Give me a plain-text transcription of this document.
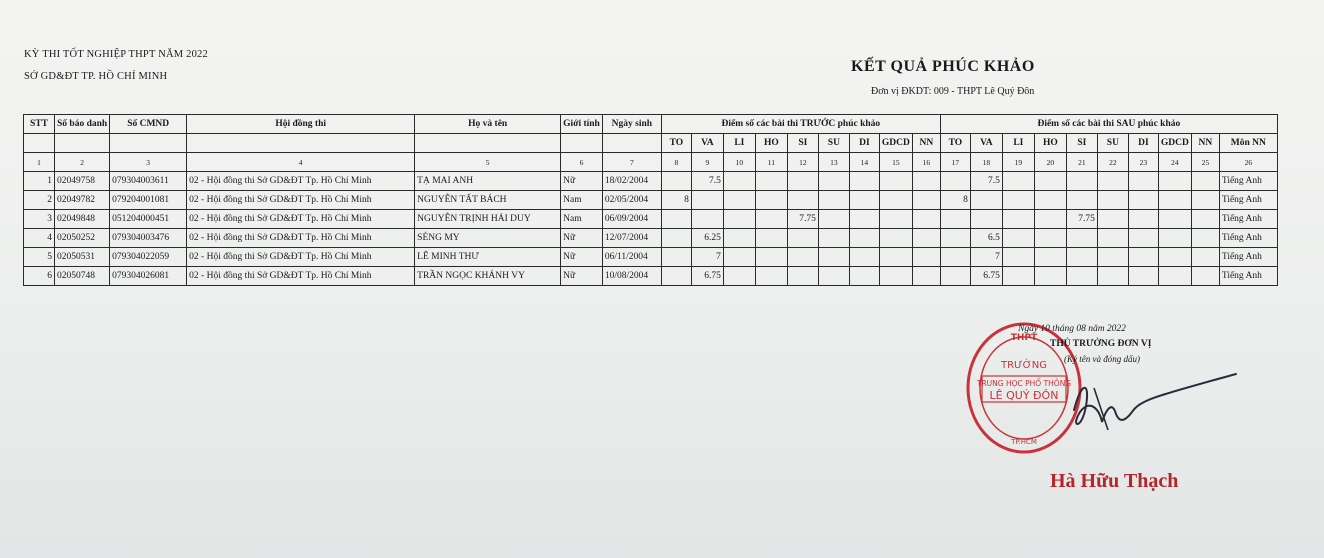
KỲ THI TỐT NGHIỆP THPT NĂM 2022
SỞ GD&ĐT TP. HỒ CHÍ MINH
KẾT QUẢ PHÚC KHẢO
Đơn vị ĐKDT: 009 - THPT Lê Quý Đôn
STT	Số báo danh	Số CMND	Hội đồng thi	Họ và tên	Giới tính	Ngày sinh	Điểm số các bài thi TRƯỚC phúc khảo									Điểm số các bài thi SAU phúc khảo									
							TO	VA	LI	HO	SI	SU	DI	GDCD	NN	TO	VA	LI	HO	SI	SU	DI	GDCD	NN	Môn NN
1	2	3	4	5	6	7	8	9	10	11	12	13	14	15	16	17	18	19	20	21	22	23	24	25	26
1	02049758	079304003611	02 - Hội đồng thi Sở GD&ĐT Tp. Hồ Chí Minh	TẠ MAI ANH	Nữ	18/02/2004		7.5									7.5								Tiếng Anh
2	02049782	079204001081	02 - Hội đồng thi Sở GD&ĐT Tp. Hồ Chí Minh	NGUYỄN TẤT BÁCH	Nam	02/05/2004	8									8									Tiếng Anh
3	02049848	051204000451	02 - Hội đồng thi Sở GD&ĐT Tp. Hồ Chí Minh	NGUYỄN TRỊNH HẢI DUY	Nam	06/09/2004					7.75									7.75					Tiếng Anh
4	02050252	079304003476	02 - Hội đồng thi Sở GD&ĐT Tp. Hồ Chí Minh	SÉNG MY	Nữ	12/07/2004		6.25									6.5								Tiếng Anh
5	02050531	079304022059	02 - Hội đồng thi Sở GD&ĐT Tp. Hồ Chí Minh	LÊ MINH THƯ	Nữ	06/11/2004		7									7								Tiếng Anh
6	02050748	079304026081	02 - Hội đồng thi Sở GD&ĐT Tp. Hồ Chí Minh	TRẦN NGỌC KHÁNH VY	Nữ	10/08/2004		6.75									6.75								Tiếng Anh
THPT
TRƯỜNG
TRUNG HỌC PHỔ THÔNG
LÊ QUÝ ĐÔN
TP.HCM
Ngày 10 tháng 08 năm 2022
THỦ TRƯỞNG ĐƠN VỊ
(Ký tên và đóng dấu)
Hà Hữu Thạch
